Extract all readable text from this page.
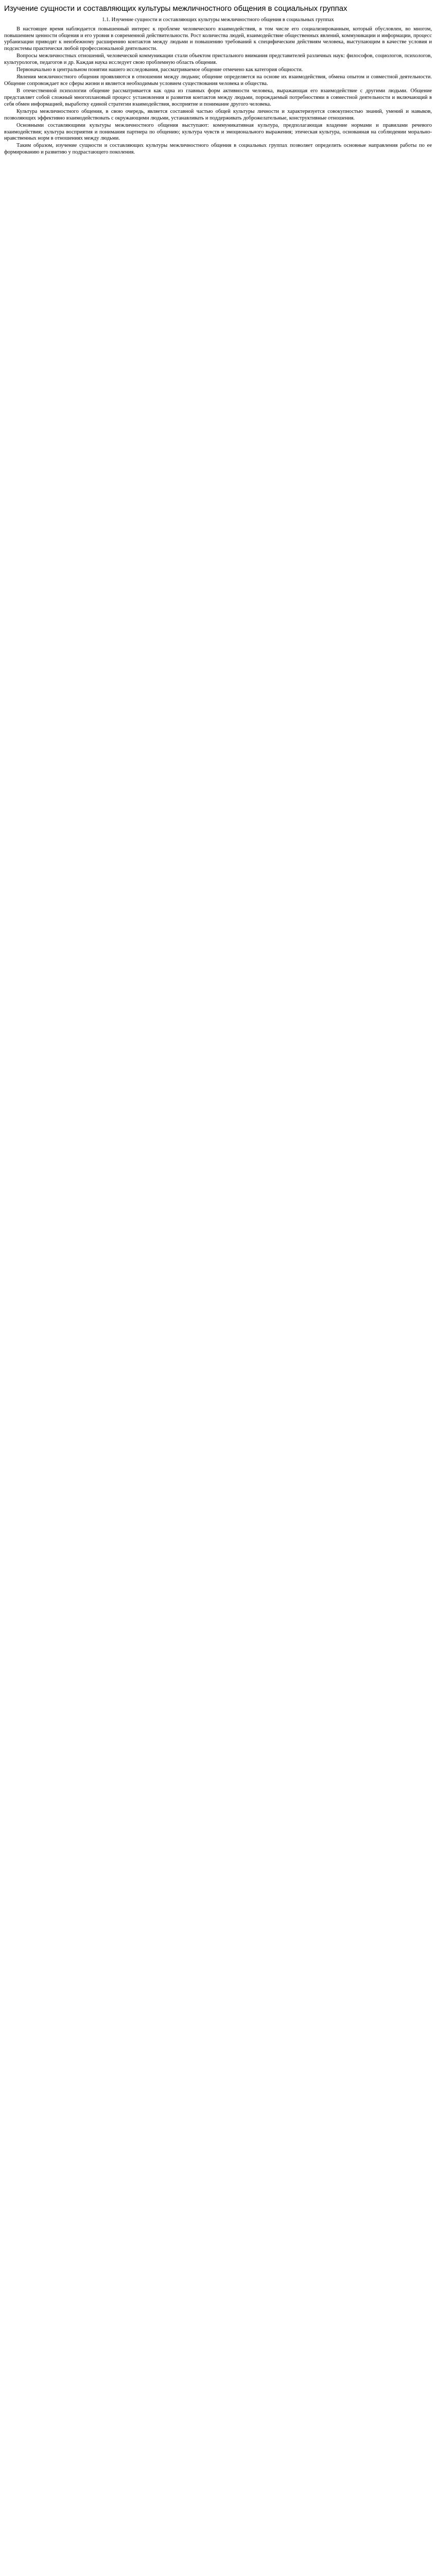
Изучение сущности и составляющих культуры межличностного общения в социальных группах
1.1. Изучение сущности и составляющих культуры межличностного общения в социальных группах

В настоящее время наблюдается повышенный интерес к проблеме человеческого взаимодействия, в том числе его социализированным, который обусловлен, во многом, повышением ценности общения и его уровня в современной действительности. Рост количества людей, взаимодействие общественных явлений, коммуникации и информации, процесс урбанизации приводят к неизбежному расширению контактов между людьми и повышению требований к специфическим действиям человека, выступающим в качестве условия и подсистемы практически любой профессиональной деятельности.

Вопросы межличностных отношений, человеческой коммуникации стали объектом пристального внимания представителей различных наук: философов, социологов, психологов, культурологов, педагогов и др. Каждая наука исследует свою проблемную область общения.

Первоначально в центральном понятии нашего исследования, рассматриваемое общение отмечено как категория общности.

Явления межличностного общения проявляются в отношении между людьми; общение определяется на основе их взаимодействия, обмена опытом и совместной деятельности. Общение сопровождает все сферы жизни и является необходимым условием существования человека и общества.

В отечественной психологии общение рассматривается как одна из главных форм активности человека, выражающая его взаимодействие с другими людьми. Общение представляет собой сложный многоплановый процесс установления и развития контактов между людьми, порождаемый потребностями в совместной деятельности и включающий в себя обмен информацией, выработку единой стратегии взаимодействия, восприятие и понимание другого человека.

Культура межличностного общения, в свою очередь, является составной частью общей культуры личности и характеризуется совокупностью знаний, умений и навыков, позволяющих эффективно взаимодействовать с окружающими людьми, устанавливать и поддерживать доброжелательные, конструктивные отношения.

Основными составляющими культуры межличностного общения выступают: коммуникативная культура, предполагающая владение нормами и правилами речевого взаимодействия; культура восприятия и понимания партнера по общению; культура чувств и эмоционального выражения; этическая культура, основанная на соблюдении морально-нравственных норм в отношениях между людьми.

Таким образом, изучение сущности и составляющих культуры межличностного общения в социальных группах позволяет определить основные направления работы по ее формированию и развитию у подрастающего поколения.
